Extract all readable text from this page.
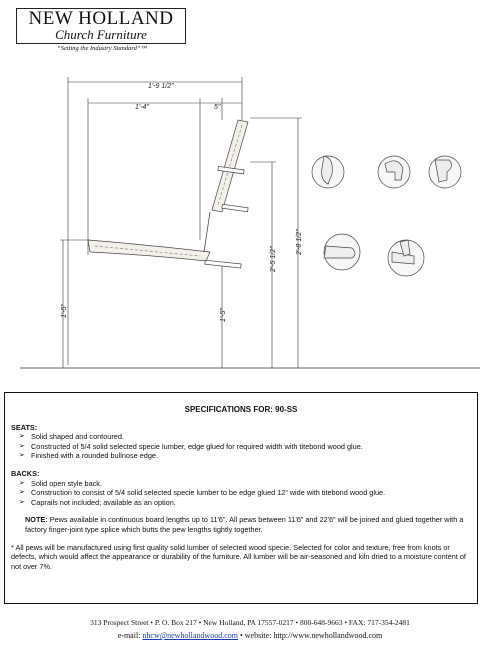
NEW HOLLAND
Church Furniture
“Setting the Industry Standard”™
1'-9 1/2"
1'-4"	5"
1'-5"	1'-5"
2'-5 1/2"
2'-8 1/2"
SPECIFICATIONS FOR: 90-SS
SEATS:
➢ Solid shaped and contoured.
➢ Constructed of 5/4 solid selected specie lumber, edge glued for required width with titebond wood glue.
➢ Finished with a rounded bullnose edge.
BACKS:
➢ Solid open style back.
➢ Construction to consist of 5/4 solid selected specie lumber to be edge glued 12” wide with titebond wood glue.
➢ Caprails not included; available as an option.
NOTE: Pews available in continuous board lengths up to 11'6”. All pews between 11'6” and 22'6” will be joined and glued together with a factory finger-joint type splice which butts the pew lengths tightly together.
* All pews will be manufactured using first quality solid lumber of selected wood specie. Selected for color and texture, free from knots or defects, which would affect the appearance or durability of the furniture. All lumber will be air-seasoned and kiln dried to a moisture content of not over 7%.
313 Prospect Street • P. O. Box 217 • New Holland, PA 17557-0217 • 800-648-9663 • FAX: 717-354-2481
e-mail: nhcw@newhollandwood.com • website: http://www.newhollandwood.com
